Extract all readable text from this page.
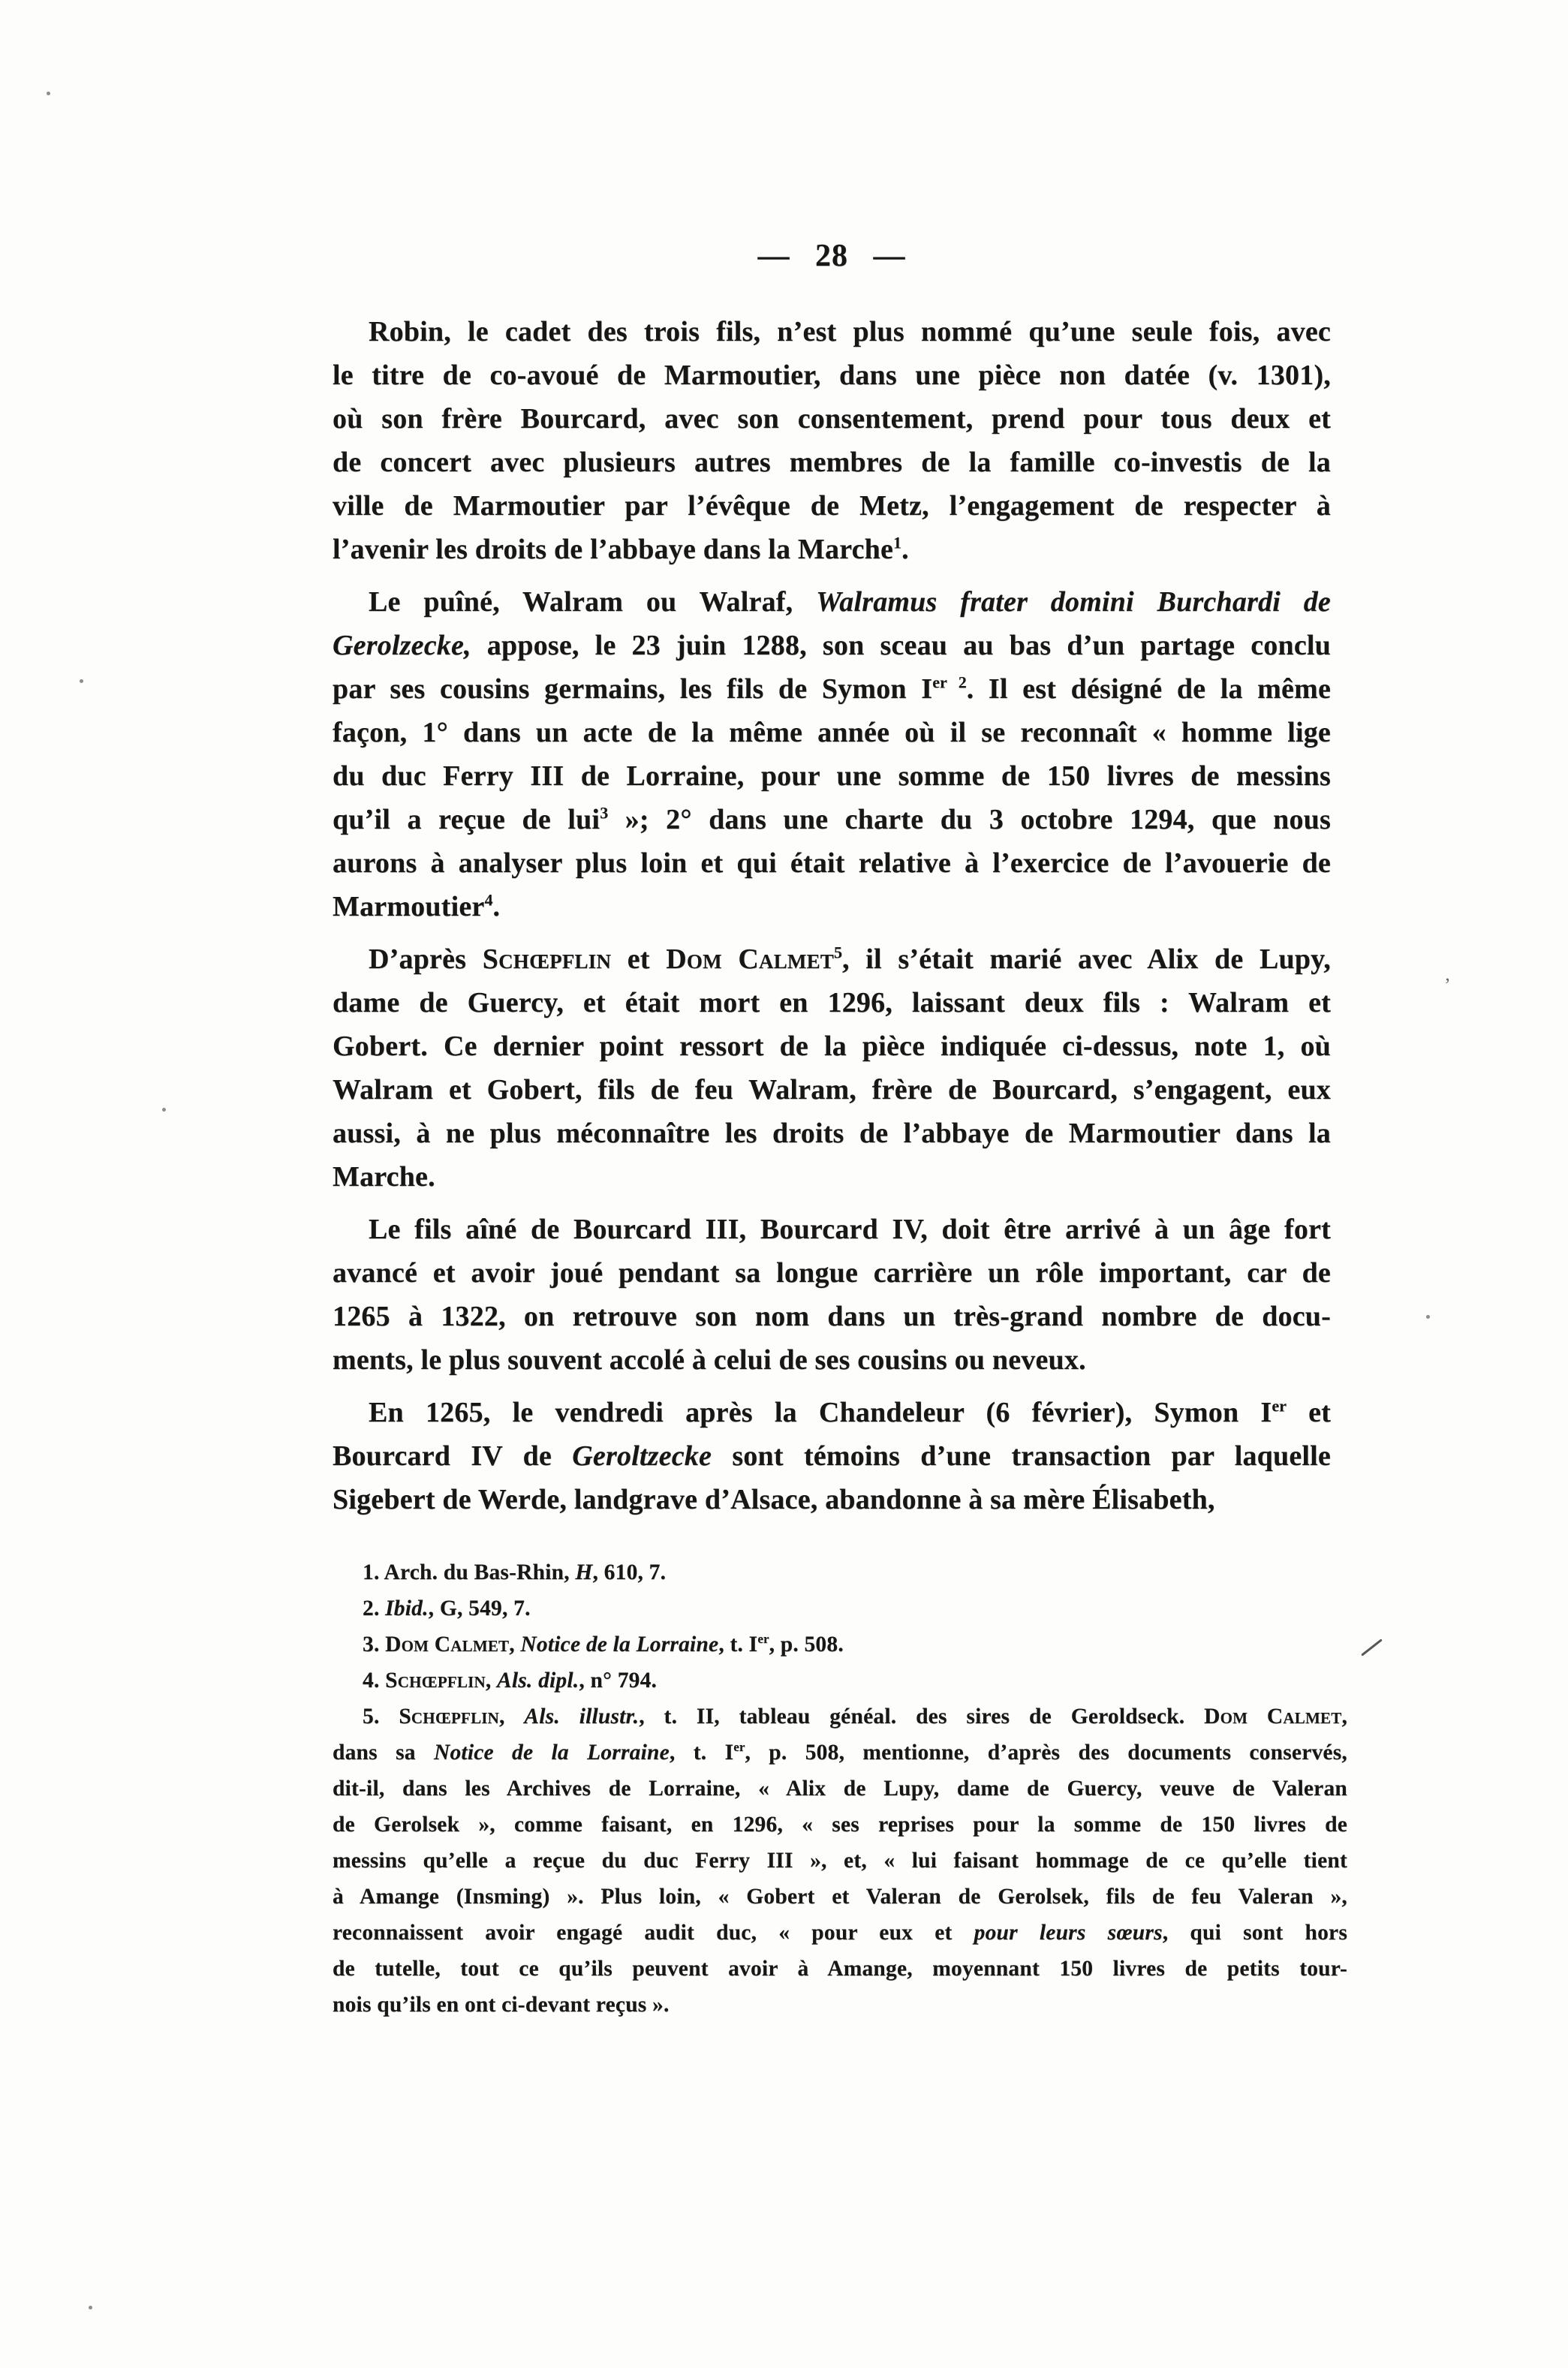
— 28 —
Robin, le cadet des trois fils, n’est plus nommé qu’une seule fois, avec
le titre de co-avoué de Marmoutier, dans une pièce non datée (v. 1301),
où son frère Bourcard, avec son consentement, prend pour tous deux et
de concert avec plusieurs autres membres de la famille co-investis de la
ville de Marmoutier par l’évêque de Metz, l’engagement de respecter à
l’avenir les droits de l’abbaye dans la Marche$^1$.
Le puîné, Walram ou Walraf, Walramus frater domini Burchardi de
Gerolzecke, appose, le 23 juin 1288, son sceau au bas d’un partage conclu
par ses cousins germains, les fils de Symon $I^{er 2}$. Il est désigné de la même
façon, 1° dans un acte de la même année où il se reconnaît « homme lige
du duc Ferry III de Lorraine, pour une somme de 150 livres de messins
qu’il a reçue de lui$^3$ »; 2° dans une charte du 3 octobre 1294, que nous
aurons à analyser plus loin et qui était relative à l’exercice de l’avouerie de
Marmoutier$^4$.
D’après Schœpflin et Dom Calmet$^5$, il s’était marié avec Alix de Lupy,
dame de Guercy, et était mort en 1296, laissant deux fils : Walram et
Gobert. Ce dernier point ressort de la pièce indiquée ci-dessus, note 1, où
Walram et Gobert, fils de feu Walram, frère de Bourcard, s’engagent, eux
aussi, à ne plus méconnaître les droits de l’abbaye de Marmoutier dans la
Marche.
Le fils aîné de Bourcard III, Bourcard IV, doit être arrivé à un âge fort
avancé et avoir joué pendant sa longue carrière un rôle important, car de
1265 à 1322, on retrouve son nom dans un très-grand nombre de docu-
ments, le plus souvent accolé à celui de ses cousins ou neveux.
En 1265, le vendredi après la Chandeleur (6 février), Symon Ier et
Bourcard IV de Geroltzecke sont témoins d’une transaction par laquelle
Sigebert de Werde, landgrave d’Alsace, abandonne à sa mère Élisabeth,
1. Arch. du Bas-Rhin, H, 610, 7.
2. Ibid., G, 549, 7.
3. Dom Calmet, Notice de la Lorraine, t. Ier, p. 508.
4. Schœpflin, Als. dipl., n° 794.
5. Schœpflin, Als. illustr., t. II, tableau généal. des sires de Geroldseck. Dom Calmet,
dans sa Notice de la Lorraine, t. Ier, p. 508, mentionne, d’après des documents conservés,
dit-il, dans les Archives de Lorraine, « Alix de Lupy, dame de Guercy, veuve de Valeran
de Gerolsek », comme faisant, en 1296, « ses reprises pour la somme de 150 livres de
messins qu’elle a reçue du duc Ferry III », et, « lui faisant hommage de ce qu’elle tient
à Amange (Insming) ». Plus loin, « Gobert et Valeran de Gerolsek, fils de feu Valeran »,
reconnaissent avoir engagé audit duc, « pour eux et pour leurs sœurs, qui sont hors
de tutelle, tout ce qu’ils peuvent avoir à Amange, moyennant 150 livres de petits tour-
nois qu’ils en ont ci-devant reçus ».
’
